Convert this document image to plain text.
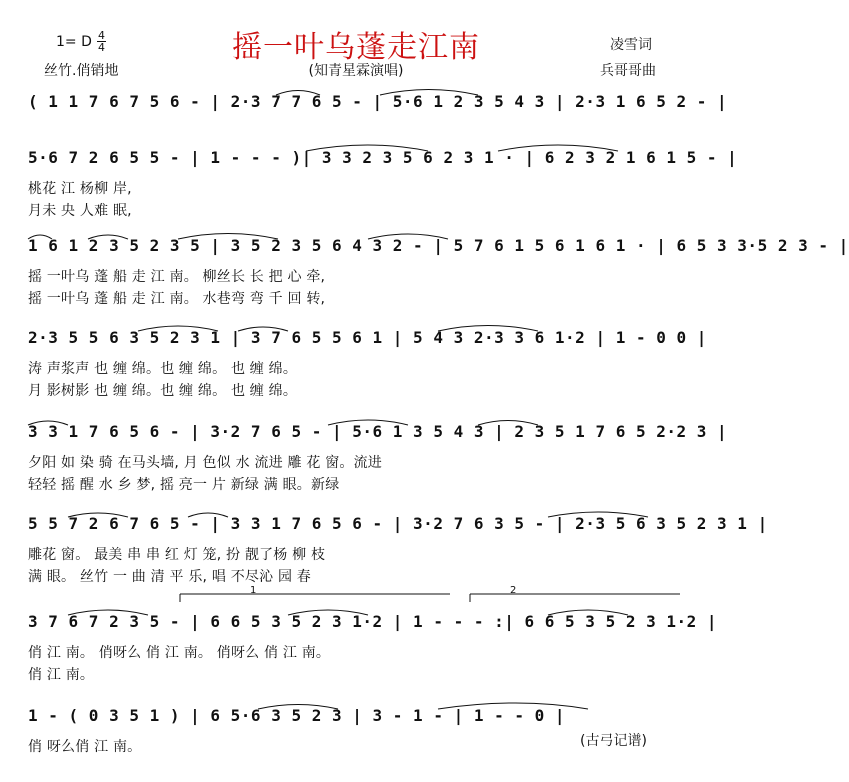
摇一叶乌蓬走江南
1= D 4
4
丝竹.俏销地	(知青星霖演唱)
凌雪词
兵哥哥曲
( 1 1 7 6 7 5 6 - | 2·3 7 7 6 5 - | 5·6 1 2 3 5 4 3 | 2·3 1 6 5 2 - |
5·6 7 2 6 5 5 - | 1 - - - )| 3 3 2 3 5 6 2 3 1 · | 6 2 3 2 1 6 1 5 - |
桃花 江 杨柳 岸,
月未 央 人难 眠,
1 6 1 2 3 5 2 3 5 | 3 5 2 3 5 6 4 3 2 - | 5 7 6 1 5 6 1 6 1 · | 6 5 3 3·5 2 3 - |
摇 一叶乌 蓬 船 走 江 南。 柳丝长 长 把 心 牵,
摇 一叶乌 蓬 船 走 江 南。 水巷弯 弯 千 回 转,
2·3 5 5 6 3 5 2 3 1 | 3 7 6 5 5 6 1 | 5 4 3 2·3 3 6 1·2 | 1 - 0 0 |
涛 声浆声 也 缠 绵。也 缠 绵。 也 缠 绵。
月 影树影 也 缠 绵。也 缠 绵。 也 缠 绵。
3 3 1 7 6 5 6 - | 3·2 7 6 5 - | 5·6 1 3 5 4 3 | 2 3 5 1 7 6 5 2·2 3 |
夕阳 如 染 骑 在马头墙, 月 色似 水 流进 雕 花 窗。流进
轻轻 摇 醒 水 乡 梦, 摇 亮一 片 新绿 满 眼。新绿
5 5 7 2 6 7 6 5 - | 3 3 1 7 6 5 6 - | 3·2 7 6 3 5 - | 2·3 5 6 3 5 2 3 1 |
雕花 窗。 最美 串 串 红 灯 笼, 扮 靓了杨 柳 枝
满 眼。 丝竹 一 曲 清 平 乐, 唱 不尽沁 园 春
1	2
3 7 6 7 2 3 5 - | 6 6 5 3 5 2 3 1·2 | 1 - - - :| 6 6 5 3 5 2 3 1·2 |
俏 江 南。 俏呀么 俏 江 南。 俏呀么 俏 江 南。
俏 江 南。
1 - ( 0 3 5 1 ) | 6 5·6 3 5 2 3 | 3 - 1 - | 1 - - 0 |
俏 呀么俏 江 南。	(古弓记谱)
